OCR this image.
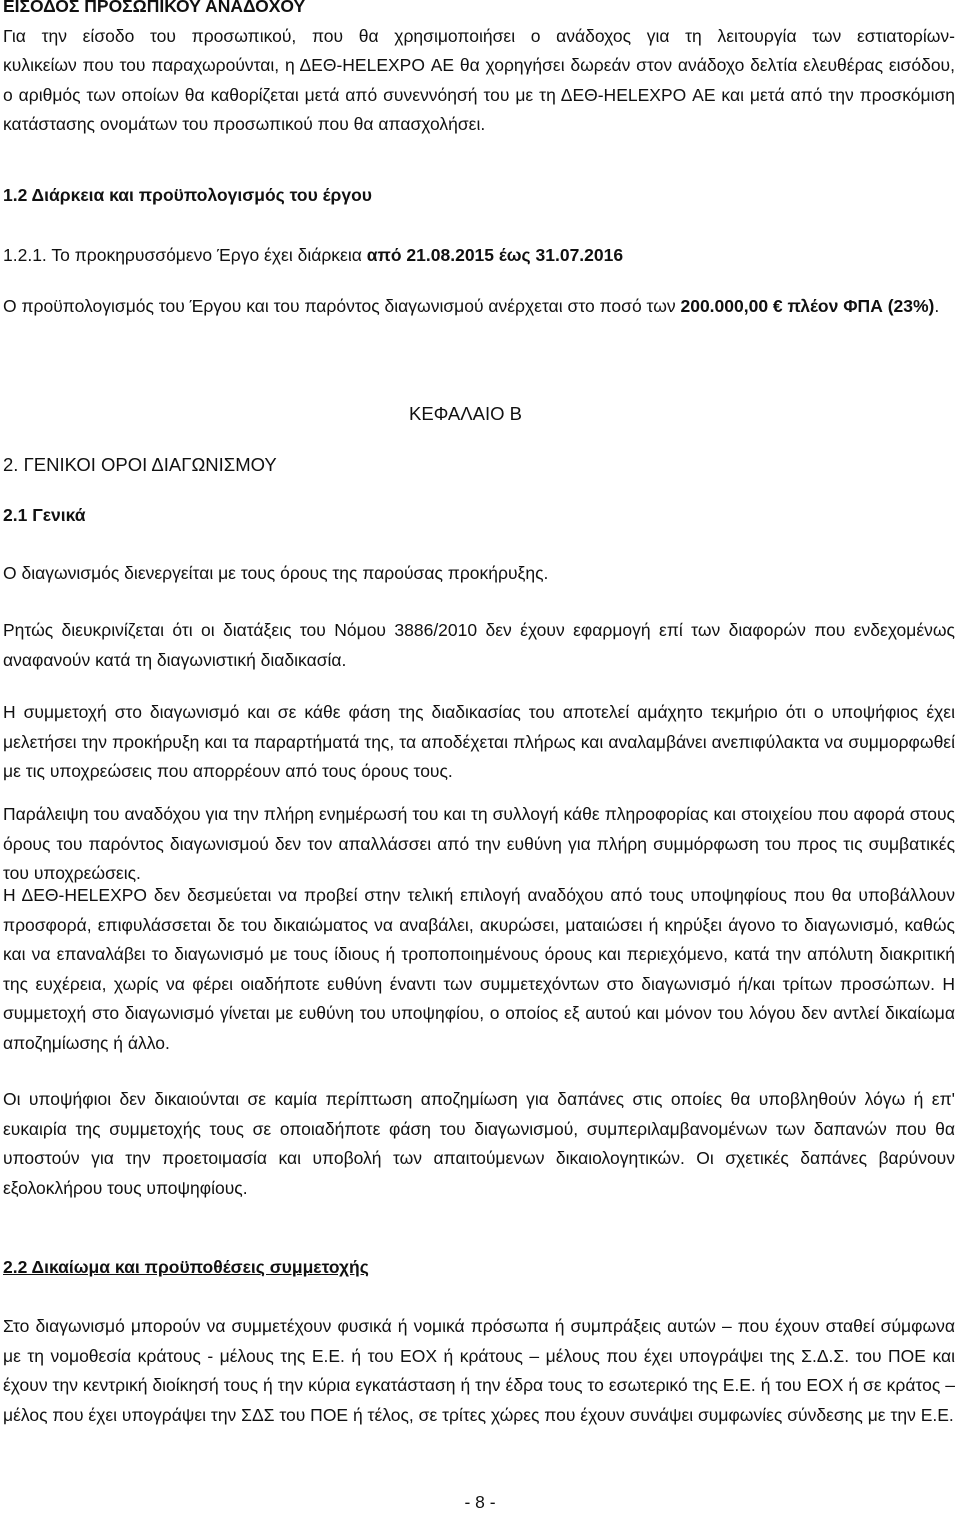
ΕΙΣΟΔΟΣ ΠΡΟΣΩΠΙΚΟΥ ΑΝΑΔΟΧΟΥ
Για την είσοδο του προσωπικού, που θα χρησιμοποιήσει ο ανάδοχος για τη λειτουργία των εστιατορίων-
κυλικείων που του παραχωρούνται, η ΔΕΘ-HELEXPO ΑΕ θα χορηγήσει δωρεάν στον ανάδοχο δελτία ελευθέρας εισόδου, ο αριθμός των οποίων θα καθορίζεται μετά από συνεννόησή του με τη ΔΕΘ-HELEXPO ΑΕ και μετά από την προσκόμιση κατάστασης ονομάτων του προσωπικού που θα απασχολήσει.
1.2 Διάρκεια και προϋπολογισμός του έργου
1.2.1. Το προκηρυσσόμενο Έργο έχει διάρκεια από 21.08.2015 έως 31.07.2016
Ο προϋπολογισμός του Έργου και του παρόντος διαγωνισμού ανέρχεται στο ποσό των 200.000,00 € πλέον ΦΠΑ (23%).
ΚΕΦΑΛΑΙΟ Β
2. ΓΕΝΙΚΟΙ ΟΡΟΙ ΔΙΑΓΩΝΙΣΜΟΥ
2.1 Γενικά
Ο διαγωνισμός διενεργείται με τους όρους της παρούσας προκήρυξης.
Ρητώς διευκρινίζεται ότι οι διατάξεις του Νόμου 3886/2010 δεν έχουν εφαρμογή επί των διαφορών που ενδεχομένως αναφανούν κατά τη διαγωνιστική διαδικασία.
Η συμμετοχή στο διαγωνισμό και σε κάθε φάση της διαδικασίας του αποτελεί αμάχητο τεκμήριο ότι ο υποψήφιος έχει μελετήσει την προκήρυξη και τα παραρτήματά της, τα αποδέχεται πλήρως και αναλαμβάνει ανεπιφύλακτα να συμμορφωθεί με τις υποχρεώσεις που απορρέουν από τους όρους τους.
Παράλειψη του αναδόχου για την πλήρη ενημέρωσή του και τη συλλογή κάθε πληροφορίας και στοιχείου που αφορά στους όρους του παρόντος διαγωνισμού δεν τον απαλλάσσει από την ευθύνη για πλήρη συμμόρφωση του προς τις συμβατικές του υποχρεώσεις.
Η ΔΕΘ-HELEXPO δεν δεσμεύεται να προβεί στην τελική επιλογή αναδόχου από τους υποψηφίους που θα υποβάλλουν προσφορά, επιφυλάσσεται δε του δικαιώματος να αναβάλει, ακυρώσει, ματαιώσει ή κηρύξει άγονο το διαγωνισμό, καθώς και να επαναλάβει το διαγωνισμό με τους ίδιους ή τροποποιημένους όρους και περιεχόμενο, κατά την απόλυτη διακριτική της ευχέρεια, χωρίς να φέρει οιαδήποτε ευθύνη έναντι των συμμετεχόντων στο διαγωνισμό ή/και τρίτων προσώπων. Η συμμετοχή στο διαγωνισμό γίνεται με ευθύνη του υποψηφίου, ο οποίος εξ αυτού και μόνον του λόγου δεν αντλεί δικαίωμα αποζημίωσης ή άλλο.
Οι υποψήφιοι δεν δικαιούνται σε καμία περίπτωση αποζημίωση για δαπάνες στις οποίες θα υποβληθούν λόγω ή επ' ευκαιρία της συμμετοχής τους σε οποιαδήποτε φάση του διαγωνισμού, συμπεριλαμβανομένων των δαπανών που θα υποστούν για την προετοιμασία και υποβολή των απαιτούμενων δικαιολογητικών. Οι σχετικές δαπάνες βαρύνουν εξολοκλήρου τους υποψηφίους.
2.2 Δικαίωμα και προϋποθέσεις συμμετοχής
Στο διαγωνισμό μπορούν να συμμετέχουν φυσικά ή νομικά πρόσωπα ή συμπράξεις αυτών – που έχουν σταθεί σύμφωνα με τη νομοθεσία κράτους - μέλους της Ε.Ε. ή του ΕΟΧ ή κράτους – μέλους που έχει υπογράψει της Σ.Δ.Σ. του ΠΟΕ και έχουν την κεντρική διοίκησή τους ή την κύρια εγκατάσταση ή την έδρα τους το εσωτερικό της Ε.Ε. ή του ΕΟΧ ή σε κράτος – μέλος που έχει υπογράψει την ΣΔΣ του ΠΟΕ ή τέλος, σε τρίτες χώρες που έχουν συνάψει συμφωνίες σύνδεσης με την Ε.Ε.
- 8 -
